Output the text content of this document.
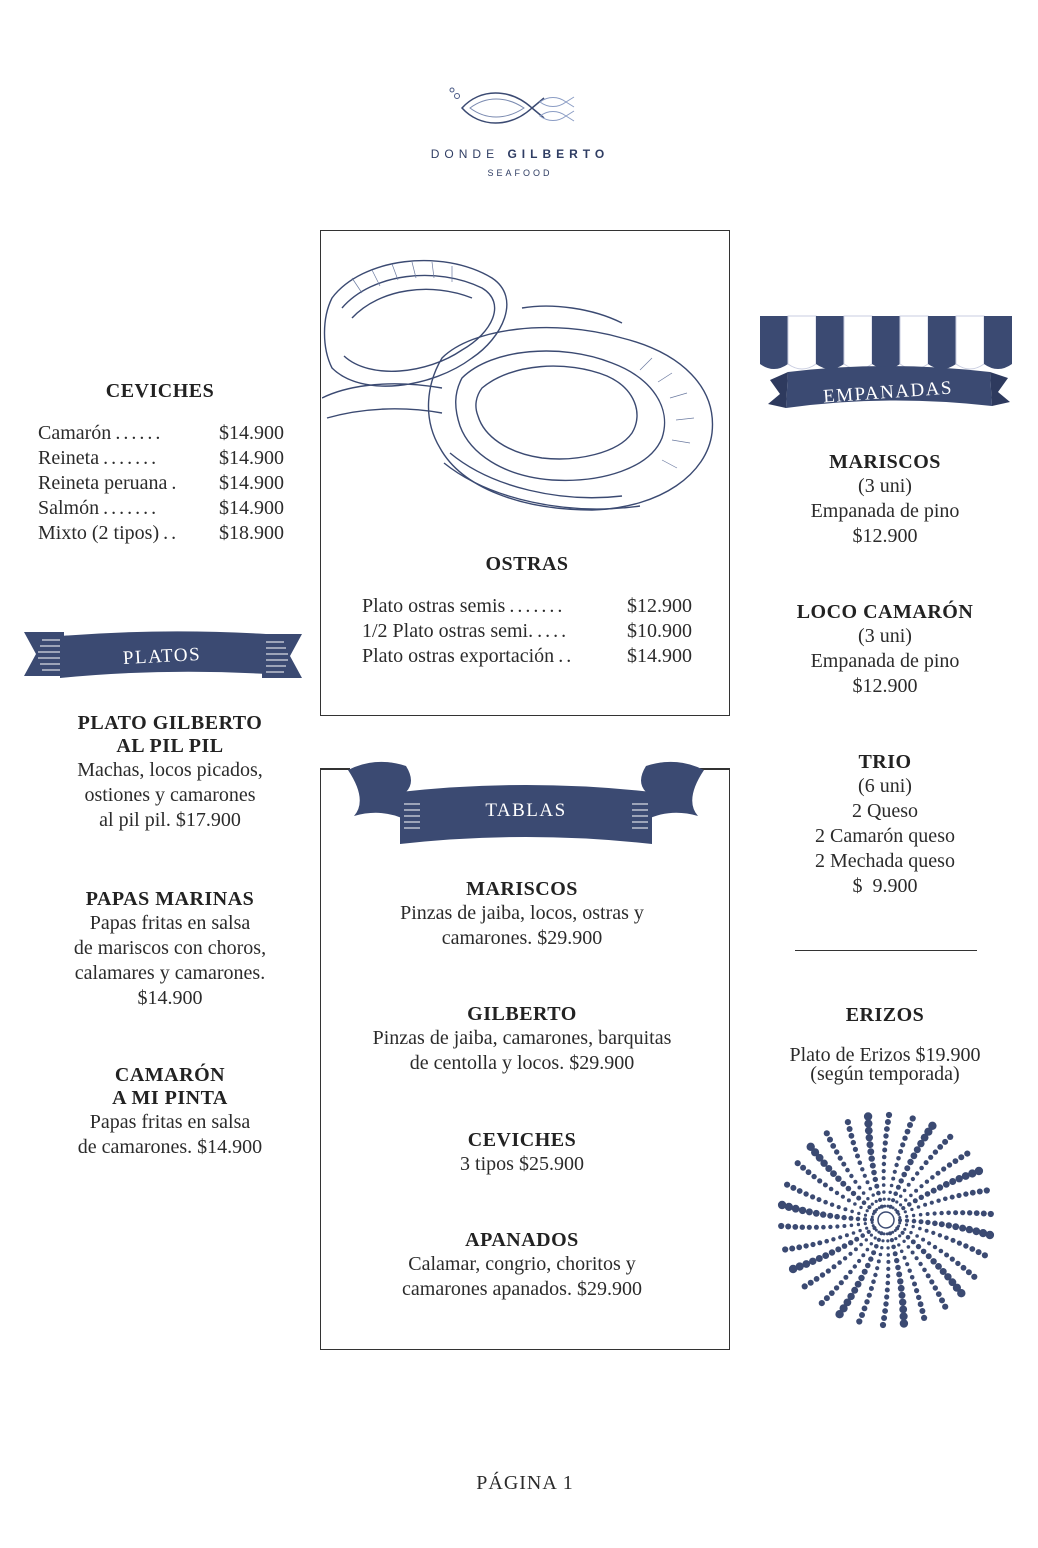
DONDE GILBERTO
SEAFOOD
CEVICHES
Camarón ......	$14.900
Reineta .......	$14.900
Reineta peruana .	$14.900
Salmón .......	$14.900
Mixto (2 tipos) ..	$18.900
PLATOS
PLATO GILBERTO
AL PIL PIL
Machas, locos picados,
ostiones y camarones
al pil pil. $17.900
PAPAS MARINAS
Papas fritas en salsa
de mariscos con choros,
calamares y camarones.
$14.900
CAMARÓN
A MI PINTA
Papas fritas en salsa
de camarones. $14.900
OSTRAS
Plato ostras semis .......	$12.900
1/2 Plato ostras semi. ....	$10.900
Plato ostras exportación ..	$14.900
TABLAS
MARISCOS
Pinzas de jaiba, locos, ostras y
camarones. $29.900
GILBERTO
Pinzas de jaiba, camarones, barquitas
de centolla y locos. $29.900
CEVICHES
3 tipos $25.900
APANADOS
Calamar, congrio, choritos y
camarones apanados. $29.900
EMPANADAS
MARISCOS
(3 uni)
Empanada de pino
$12.900
LOCO CAMARÓN
(3 uni)
Empanada de pino
$12.900
TRIO
(6 uni)
2 Queso
2 Camarón queso
2 Mechada queso
$  9.900
ERIZOS
Plato de Erizos $19.900
(según temporada)
PÁGINA 1
